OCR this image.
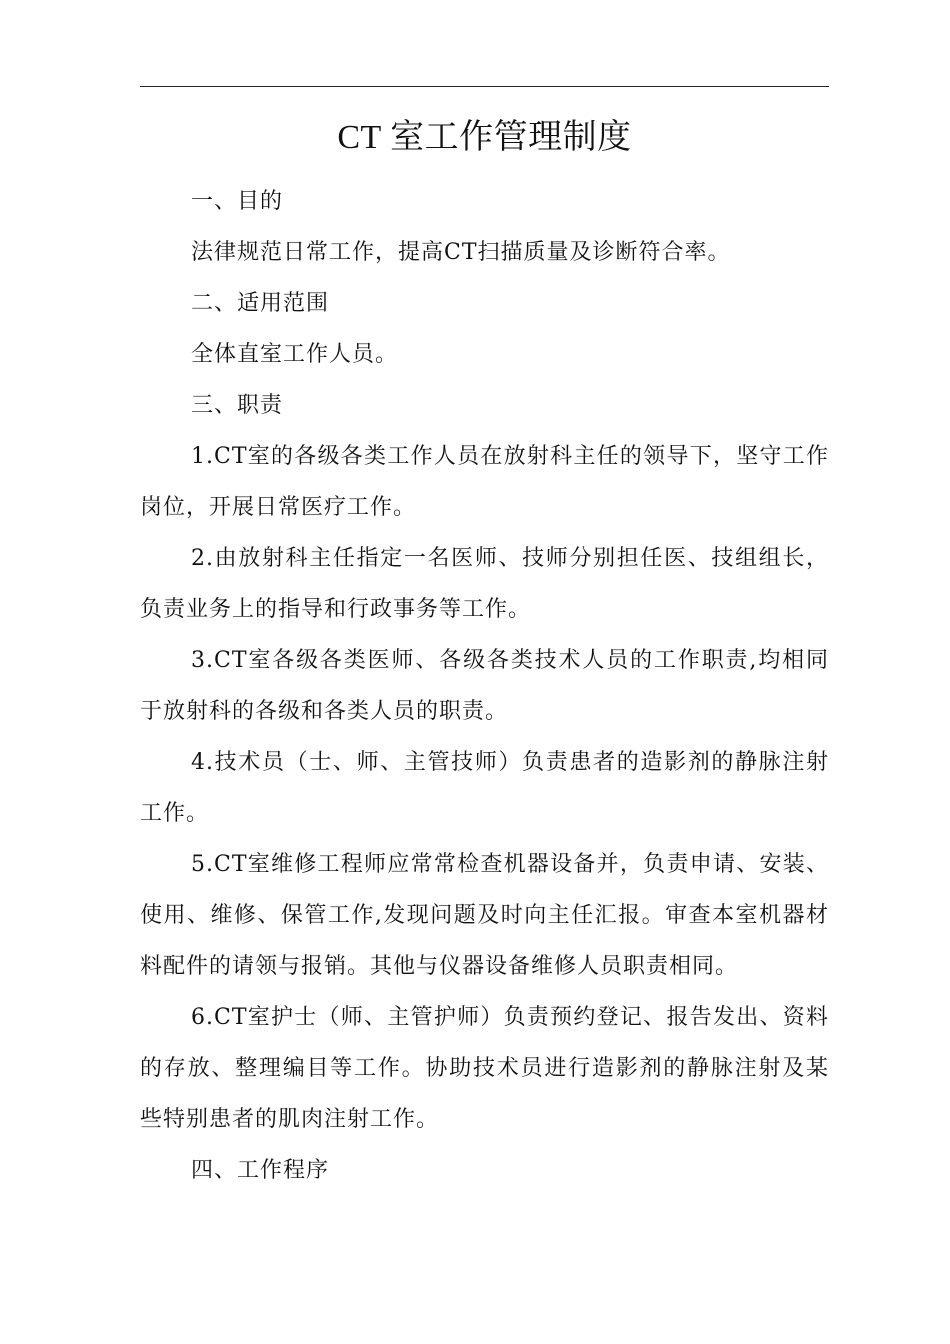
CT 室工作管理制度

一、目的

法律规范日常工作，提高CT扫描质量及诊断符合率。

二、适用范围

全体直室工作人员。

三、职责

1.CT室的各级各类工作人员在放射科主任的领导下，坚守工作岗位，开展日常医疗工作。

2.由放射科主任指定一名医师、技师分别担任医、技组组长，负责业务上的指导和行政事务等工作。

3.CT室各级各类医师、各级各类技术人员的工作职责,均相同于放射科的各级和各类人员的职责。

4.技术员（士、师、主管技师）负责患者的造影剂的静脉注射工作。

5.CT室维修工程师应常常检查机器设备并，负责申请、安装、使用、维修、保管工作,发现问题及时向主任汇报。审查本室机器材料配件的请领与报销。其他与仪器设备维修人员职责相同。

6.CT室护士（师、主管护师）负责预约登记、报告发出、资料的存放、整理编目等工作。协助技术员进行造影剂的静脉注射及某些特别患者的肌肉注射工作。

四、工作程序
